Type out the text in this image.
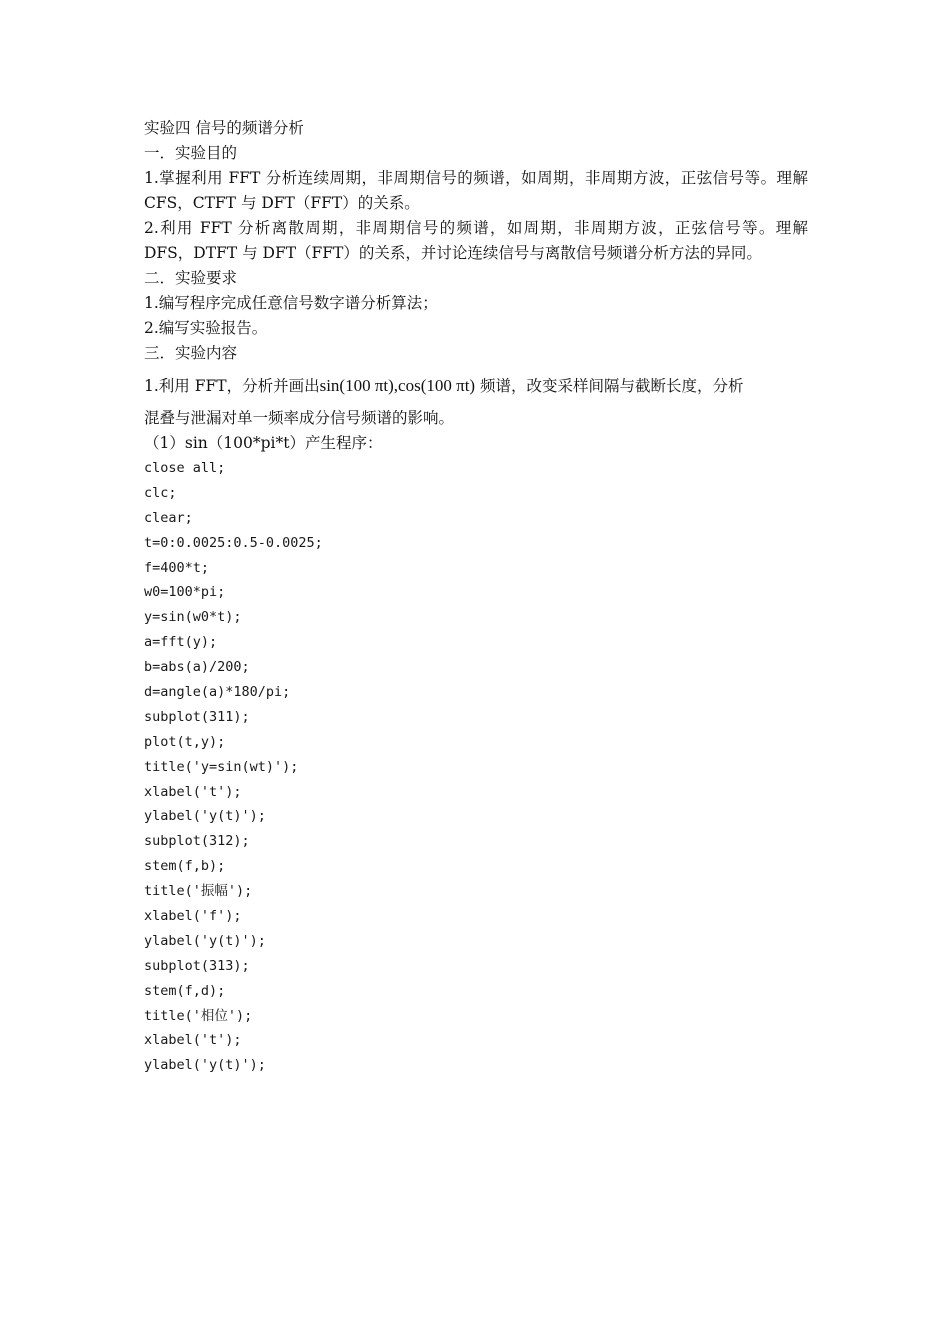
实验四 信号的频谱分析

一．实验目的

1.掌握利用 FFT 分析连续周期，非周期信号的频谱，如周期，非周期方波，正弦信号等。理解 CFS，CTFT 与 DFT（FFT）的关系。

2.利用 FFT 分析离散周期，非周期信号的频谱，如周期，非周期方波，正弦信号等。理解 DFS，DTFT 与 DFT（FFT）的关系，并讨论连续信号与离散信号频谱分析方法的异同。

二．实验要求

1.编写程序完成任意信号数字谱分析算法；

2.编写实验报告。

三．实验内容

1.利用 FFT，分析并画出sin(100 πt),cos(100 πt) 频谱，改变采样间隔与截断长度，分析
混叠与泄漏对单一频率成分信号频谱的影响。

（1）sin（100*pi*t）产生程序：

close all;

clc;

clear;

t=0:0.0025:0.5-0.0025;

f=400*t;

w0=100*pi;

y=sin(w0*t);

a=fft(y);

b=abs(a)/200;

d=angle(a)*180/pi;

subplot(311);

plot(t,y);

title('y=sin(wt)');

xlabel('t');

ylabel('y(t)');

subplot(312);

stem(f,b);

title('振幅');

xlabel('f');

ylabel('y(t)');

subplot(313);

stem(f,d);

title('相位');

xlabel('t');

ylabel('y(t)');
